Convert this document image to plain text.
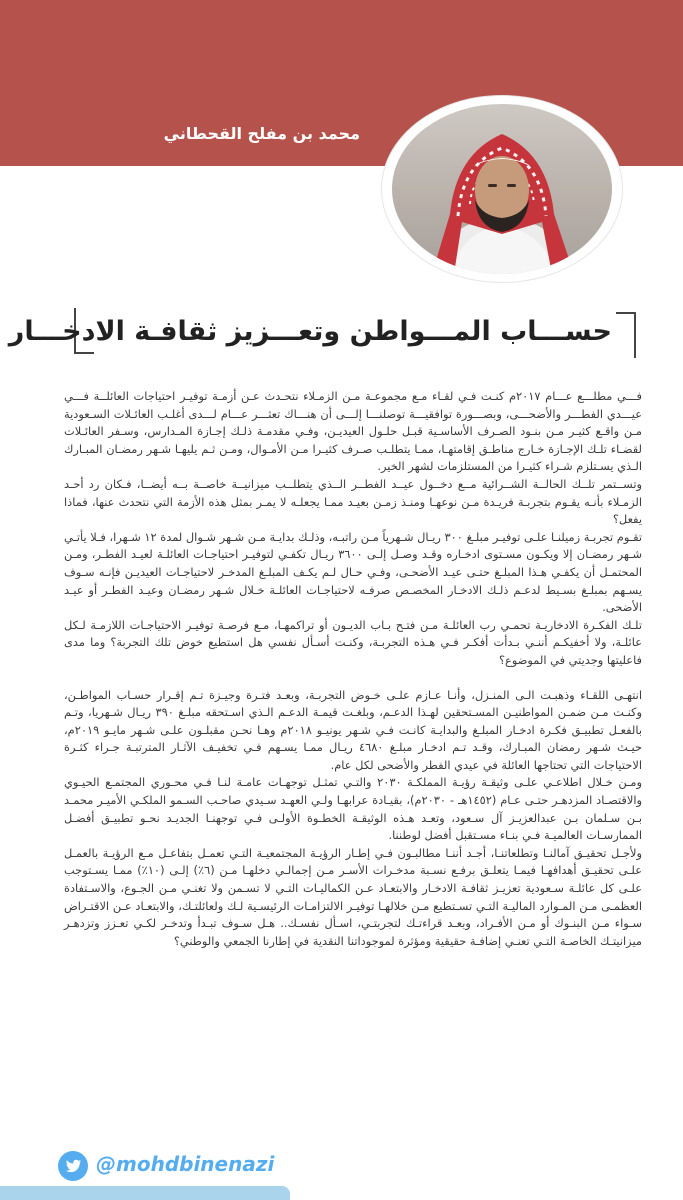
محمد بن مفلح القحطاني
حســـاب المـــواطن وتعـــزيز ثقافـة الادخـــار

فـــي مطلـــع عـــام ٢٠١٧م كنـت فـي لقـاء مـع مجموعـة مـن الزمـلاء نتحـدث عـن أزمـة توفيـر احتياجات العائلــة فـــي عيـــدي الفطـــر والأضحـــى، وبصـــورة توافقيـــة توصلنـــا إلـــى أن هنـــاك تعثـــر عـــام لـــدى أغلـب العائـلات السـعودية مـن واقـع كثيـر مـن بنـود الصـرف الأساسـية قبـل حلـول العيديـن، وفـي مقدمـة ذلـك إجـازة المـدارس، وسـفر العائـلات لقضـاء تلـك الإجـازة خـارج مناطـق إقامتهـا، ممـا يتطلـب صـرف كثيـرا مـن الأمـوال، ومـن ثـم يليهـا شـهر رمضـان المبـارك الـذي يسـتلزم شـراء كثيـرا من المستلزمات لشهر الخير.

وتســتمر تلــك الحالــة الشــرائية مــع دخــول عيــد الفطــر الــذي يتطلــب ميزانيــة خاصــة بــه أيضــا، فـكان رد أحـد الزمـلاء بأنـه يقـوم بتجربـة فريـدة مـن نوعهـا ومنـذ زمـن بعيـد ممـا يجعلـه لا يمـر بمثل هذه الأزمة التي نتحدث عنها، فماذا يفعل؟

تقـوم تجربـة زميلنـا علـى توفيـر مبلـغ ٣٠٠ ريـال شـهرياً مـن راتبـه، وذلـك بدايـة مـن شـهر شـوال لمدة ١٢ شـهرا، فـلا يأتـي شـهر رمضـان إلا ويكـون مسـتوى ادخـاره وقـد وصـل إلـى ٣٦٠٠ ريـال تكفـي لتوفيـر احتياجـات العائلـة لعيـد الفطـر، ومـن المحتمـل أن يكفـي هـذا المبلـغ حتـى عيـد الأضحـى، وفـي حـال لـم يكـف المبلـغ المدخـر لاحتياجـات العيديـن فإنـه سـوف يسـهم بمبلـغ بسـيط لدعـم ذلـك الادخـار المخصـص صرفـه لاحتياجـات العائلـة خـلال شـهر رمضـان وعيـد الفطـر أو عيـد الأضحى.

تلـك الفكـرة الادخاريـة تحمـي رب العائلـة مـن فتـح بـاب الديـون أو تراكمهـا، مـع فرصـة توفيـر الاحتياجـات اللازمـة لـكل عائلـة، ولا أخفيكـم أننـي بـدأت أفكـر فـي هـذه التجربـة، وكنـت أسـأل نفسي هل استطيع خوض تلك التجربة؟ وما مدى فاعليتها وجديتي في الموضوع؟

انتهـى اللقـاء وذهبـت الـى المنـزل، وأنـا عـازم علـى خـوض التجربـة، وبعـد فتـرة وجيـزة تـم إقـرار حسـاب المواطـن، وكنـت مـن ضمـن المواطنيـن المسـتحقين لهـذا الدعـم، وبلغـت قيمـة الدعـم الـذي اسـتحقه مبلـغ ٣٩٠ ريـال شـهريا، وتـم بالفعـل تطبيـق فكـرة ادخـار المبلـغ والبدايـة كانـت فـي شـهر يونيـو ٢٠١٨م وهـا نحـن مقبلـون علـى شـهر مايـو ٢٠١٩م، حيـث شـهر رمضان المبـارك، وقـد تـم ادخـار مبلـغ ٤٦٨٠ ريـال ممـا يسـهم فـي تخفيـف الآثـار المترتبـة جـراء كثـرة الاحتياجات التي تحتاجها العائلة في عيدي الفطر والأضحى لكل عام.

ومـن خـلال اطلاعـي علـى وثيقـة رؤيـة المملكـة ٢٠٣٠ والتـي تمثـل توجهـات عامـة لنـا فـي محـوري المجتمـع الحيـوي والاقتصـاد المزدهـر حتـى عـام (١٤٥٢هـ - ٢٠٣٠م)، بقيـادة عرابهـا ولـي العهـد سـيدي صاحـب السـمو الملكـي الأميـر محمـد بـن سـلمان بـن عبدالعزيـز آل سـعود، وتعـد هـذه الوثيقـة الخطـوة الأولـى فـي توجهنـا الجديـد نحـو تطبيـق أفضـل الممارسـات العالميـة فـي بنـاء مسـتقبل أفضل لوطننا.

ولأجـل تحقيـق آمالنـا وتطلعاتنـا، أجـد أننـا مطالبـون فـي إطـار الرؤيـة المجتمعيـة التـي تعمـل بتفاعـل مـع الرؤيـة بالعمـل علـى تحقيـق أهدافهـا فيمـا يتعلـق برفـع نسـبة مدخـرات الأسـر مـن إجمالـي دخلهـا مـن (٦٪) إلـى (١٠٪) ممـا يسـتوجب علـى كل عائلـة سـعودية تعزيـز ثقافـة الادخـار والابتعـاد عـن الكماليـات التـي لا تسـمن ولا تغنـي مـن الجـوع، والاسـتفادة العظمـى مـن المـوارد الماليـة التـي تسـتطيع مـن خلالهـا توفيـر الالتزامـات الرئيسـية لـك ولعائلتـك، والابتعـاد عـن الاقتـراض سـواء مـن البنـوك أو مـن الأفـراد، وبعـد قراءتـك لتجربتـي، اسـأل نفسـك.. هـل سـوف تبـدأ وتدخـر لكـي تعـزز وتزدهـر ميزانيتـك الخاصـة التـي تعنـي إضافـة حقيقية ومؤثرة لموجوداتنا النقدية في إطارنا الجمعي والوطني؟

@mohdbinenazi
